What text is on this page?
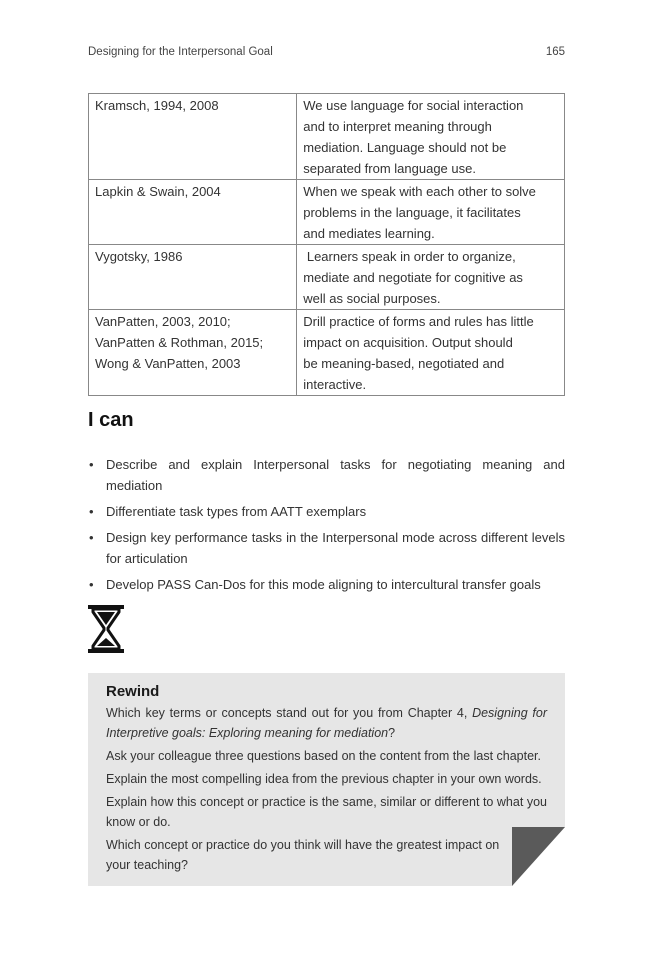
Designing for the Interpersonal Goal	165
Kramsch, 1994, 2008	We use language for social interaction
and to interpret meaning through
mediation. Language should not be
separated from language use.

Lapkin & Swain, 2004	When we speak with each other to solve
problems in the language, it facilitates
and mediates learning.

Vygotsky, 1986	Learners speak in order to organize,
mediate and negotiate for cognitive as
well as social purposes.

VanPatten, 2003, 2010;
VanPatten & Rothman, 2015;
Wong & VanPatten, 2003	Drill practice of forms and rules has little
impact on acquisition. Output should
be meaning-based, negotiated and
interactive.
I can
• Describe and explain Interpersonal tasks for negotiating meaning and mediation
• Differentiate task types from AATT exemplars
• Design key performance tasks in the Interpersonal mode across different levels for articulation
• Develop PASS Can-Dos for this mode aligning to intercultural transfer goals
Rewind

Which key terms or concepts stand out for you from Chapter 4, Designing for Interpretive goals: Exploring meaning for mediation?

Ask your colleague three questions based on the content from the last chapter.

Explain the most compelling idea from the previous chapter in your own words.

Explain how this concept or practice is the same, similar or different to what you know or do.

Which concept or practice do you think will have the greatest impact on your teaching?
